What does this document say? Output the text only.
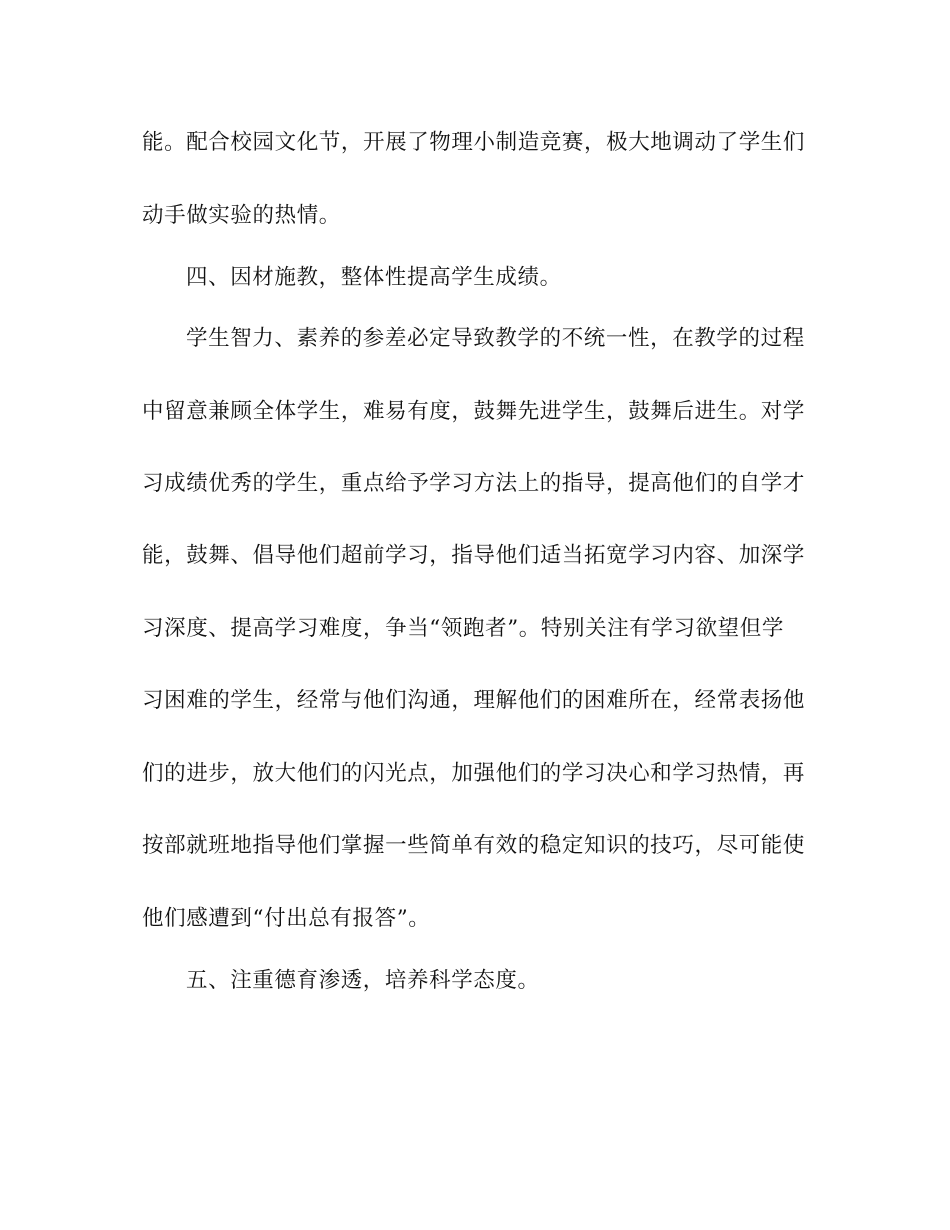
能。配合校园文化节，开展了物理小制造竞赛，极大地调动了学生们
动手做实验的热情。
四、因材施教，整体性提高学生成绩。
学生智力、素养的参差必定导致教学的不统一性，在教学的过程
中留意兼顾全体学生，难易有度，鼓舞先进学生，鼓舞后进生。对学
习成绩优秀的学生，重点给予学习方法上的指导，提高他们的自学才
能，鼓舞、倡导他们超前学习，指导他们适当拓宽学习内容、加深学
习深度、提高学习难度，争当“领跑者”。特别关注有学习欲望但学
习困难的学生，经常与他们沟通，理解他们的困难所在，经常表扬他
们的进步，放大他们的闪光点，加强他们的学习决心和学习热情，再
按部就班地指导他们掌握一些简单有效的稳定知识的技巧，尽可能使
他们感遭到“付出总有报答”。
五、注重德育渗透，培养科学态度。
